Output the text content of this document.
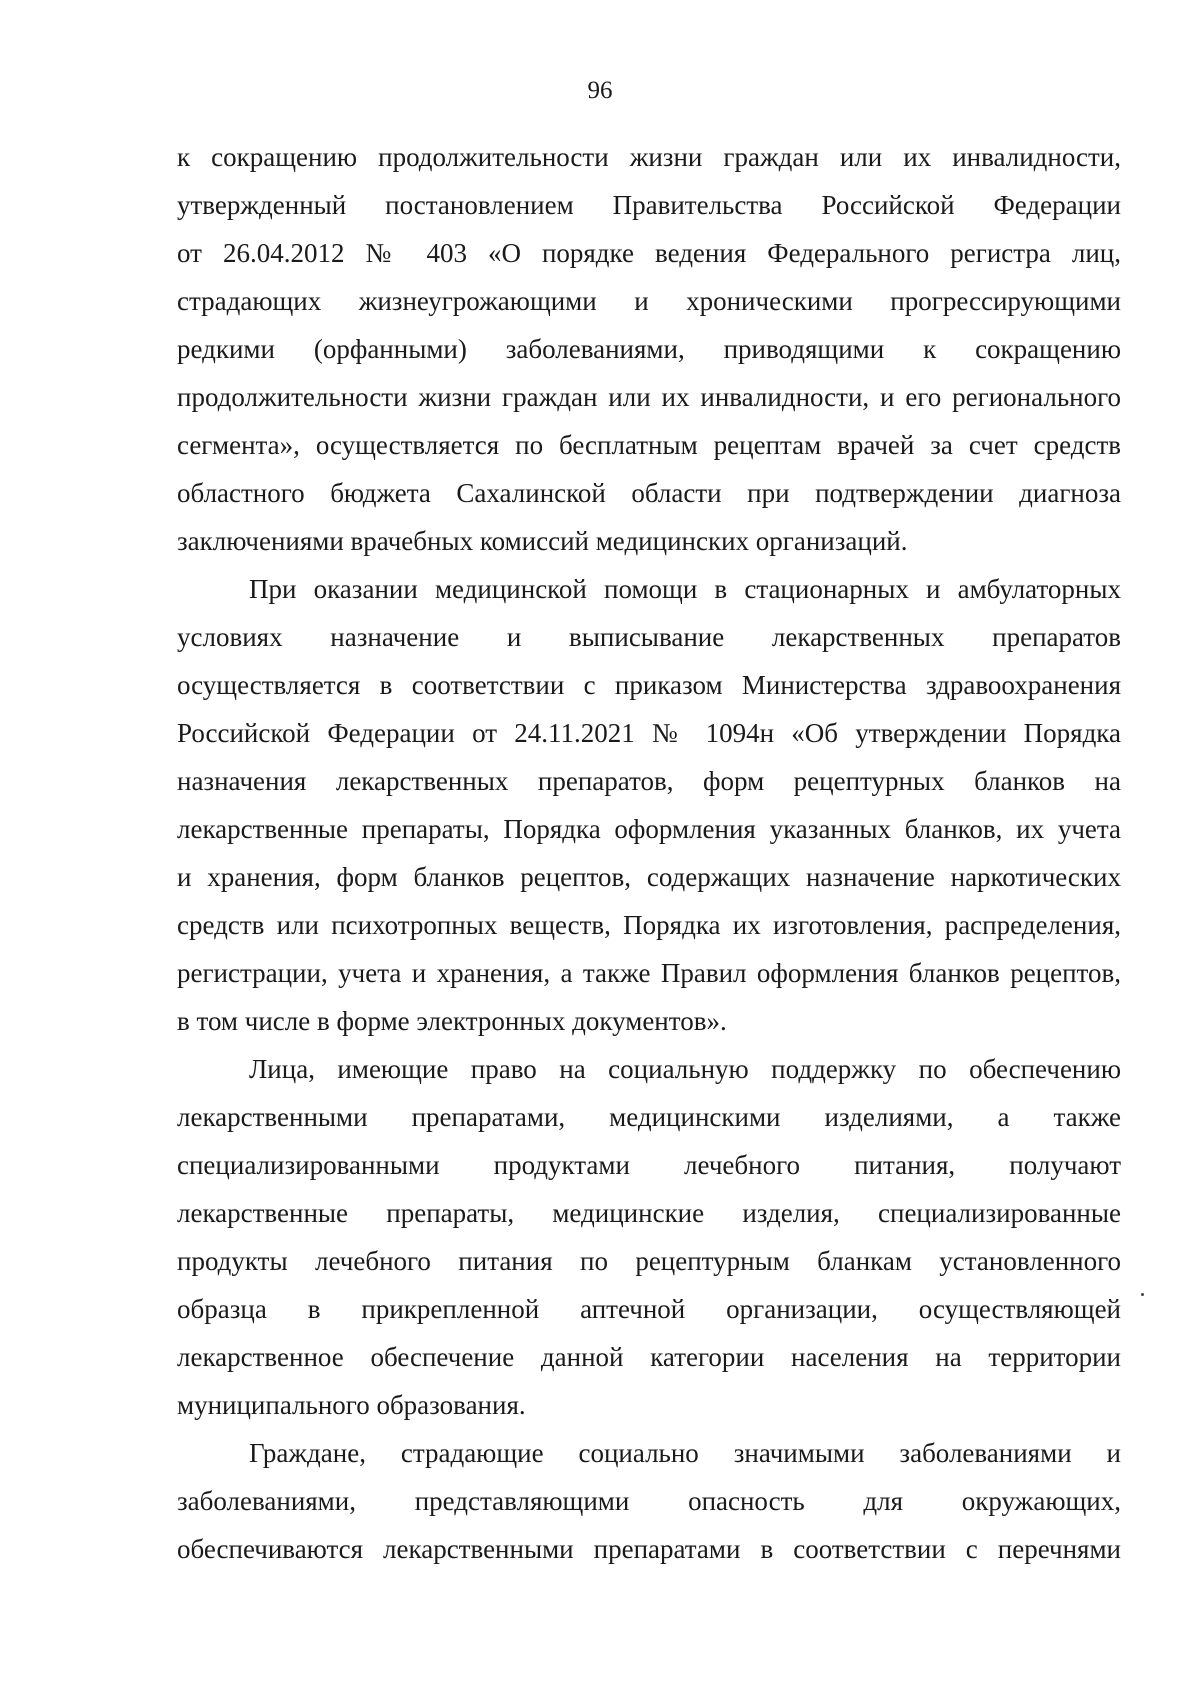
96
к сокращению продолжительности жизни граждан или их инвалидности,
утвержденный постановлением Правительства Российской Федерации
от 26.04.2012 № 403 «О порядке ведения Федерального регистра лиц,
страдающих жизнеугрожающими и хроническими прогрессирующими
редкими (орфанными) заболеваниями, приводящими к сокращению
продолжительности жизни граждан или их инвалидности, и его регионального
сегмента», осуществляется по бесплатным рецептам врачей за счет средств
областного бюджета Сахалинской области при подтверждении диагноза
заключениями врачебных комиссий медицинских организаций.
При оказании медицинской помощи в стационарных и амбулаторных
условиях назначение и выписывание лекарственных препаратов
осуществляется в соответствии с приказом Министерства здравоохранения
Российской Федерации от 24.11.2021 № 1094н «Об утверждении Порядка
назначения лекарственных препаратов, форм рецептурных бланков на
лекарственные препараты, Порядка оформления указанных бланков, их учета
и хранения, форм бланков рецептов, содержащих назначение наркотических
средств или психотропных веществ, Порядка их изготовления, распределения,
регистрации, учета и хранения, а также Правил оформления бланков рецептов,
в том числе в форме электронных документов».
Лица, имеющие право на социальную поддержку по обеспечению
лекарственными препаратами, медицинскими изделиями, а также
специализированными продуктами лечебного питания, получают
лекарственные препараты, медицинские изделия, специализированные
продукты лечебного питания по рецептурным бланкам установленного
образца в прикрепленной аптечной организации, осуществляющей
лекарственное обеспечение данной категории населения на территории
муниципального образования.
Граждане, страдающие социально значимыми заболеваниями и
заболеваниями, представляющими опасность для окружающих,
обеспечиваются лекарственными препаратами в соответствии с перечнями
